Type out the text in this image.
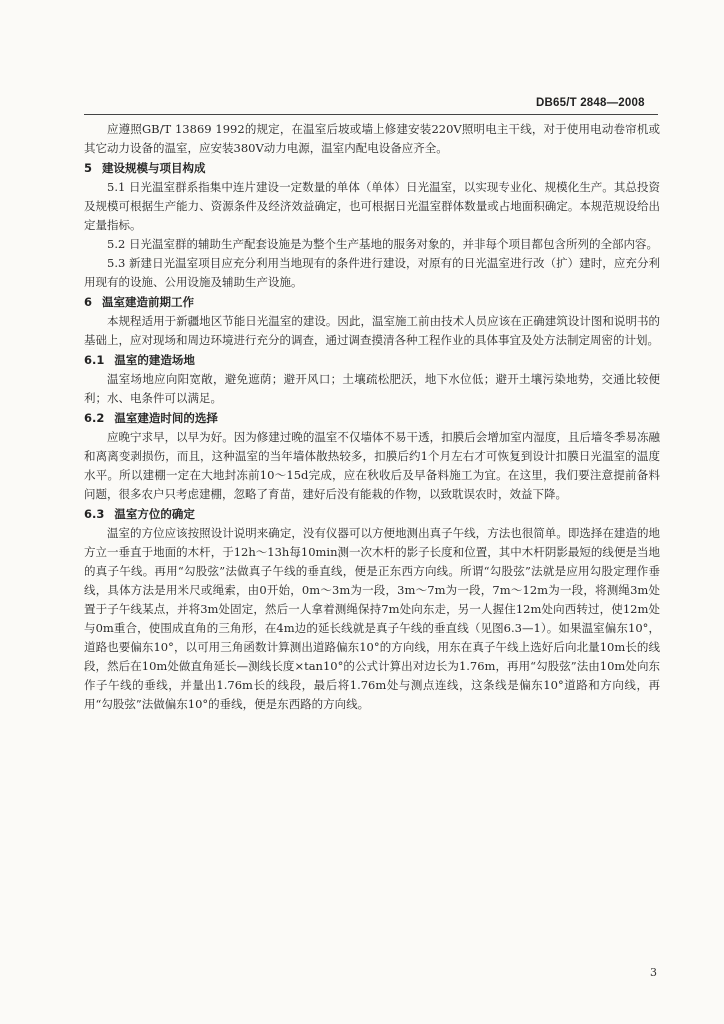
DB65/T 2848—2008

应遵照GB/T 13869 1992的规定，在温室后坡或墙上修建安装220V照明电主干线，对于使用电动卷帘机或其它动力设备的温室，应安装380V动力电源，温室内配电设备应齐全。

5 建设规模与项目构成

5.1 日光温室群系指集中连片建设一定数量的单体（单体）日光温室，以实现专业化、规模化生产。其总投资及规模可根据生产能力、资源条件及经济效益确定，也可根据日光温室群体数量或占地面积确定。本规范规设给出定量指标。

5.2 日光温室群的辅助生产配套设施是为整个生产基地的服务对象的，并非每个项目都包含所列的全部内容。

5.3 新建日光温室项目应充分利用当地现有的条件进行建设，对原有的日光温室进行改（扩）建时，应充分利用现有的设施、公用设施及辅助生产设施。

6 温室建造前期工作

本规程适用于新疆地区节能日光温室的建设。因此，温室施工前由技术人员应该在正确建筑设计图和说明书的基础上，应对现场和周边环境进行充分的调查，通过调查摸清各种工程作业的具体事宜及处方法制定周密的计划。

6.1 温室的建造场地

温室场地应向阳宽敞，避免遮荫；避开风口；土壤疏松肥沃，地下水位低；避开土壤污染地势，交通比较便利；水、电条件可以满足。

6.2 温室建造时间的选择

应晚宁求早，以早为好。因为修建过晚的温室不仅墙体不易干透，扣膜后会增加室内湿度，且后墙冬季易冻融和离离变剥损伤，而且，这种温室的当年墙体散热较多，扣膜后约1个月左右才可恢复到设计扣膜日光温室的温度水平。所以建棚一定在大地封冻前10～15d完成，应在秋收后及早备料施工为宜。在这里，我们要注意提前备料问题，很多农户只考虑建棚，忽略了育苗，建好后没有能栽的作物，以致耽误农时，效益下降。

6.3 温室方位的确定

温室的方位应该按照设计说明来确定，没有仪器可以方便地测出真子午线，方法也很简单。即选择在建造的地方立一垂直于地面的木杆，于12h～13h每10min测一次木杆的影子长度和位置，其中木杆阴影最短的线便是当地的真子午线。再用“勾股弦”法做真子午线的垂直线，便是正东西方向线。所谓“勾股弦”法就是应用勾股定理作垂线，具体方法是用米尺或绳索，由0开始，0m～3m为一段，3m～7m为一段，7m～12m为一段，将测绳3m处置于子午线某点，并将3m处固定，然后一人拿着测绳保持7m处向东走，另一人握住12m处向西转过，使12m处与0m重合，使围成直角的三角形，在4m边的延长线就是真子午线的垂直线（见图6.3—1）。如果温室偏东10°，道路也要偏东10°，以可用三角函数计算测出道路偏东10°的方向线，用东在真子午线上选好后向北量10m长的线段，然后在10m处做直角延长—测线长度×tan10°的公式计算出对边长为1.76m，再用“勾股弦”法由10m处向东作子午线的垂线，并量出1.76m长的线段，最后将1.76m处与测点连线，这条线是偏东10°道路和方向线，再用“勾股弦”法做偏东10°的垂线，便是东西路的方向线。

3
